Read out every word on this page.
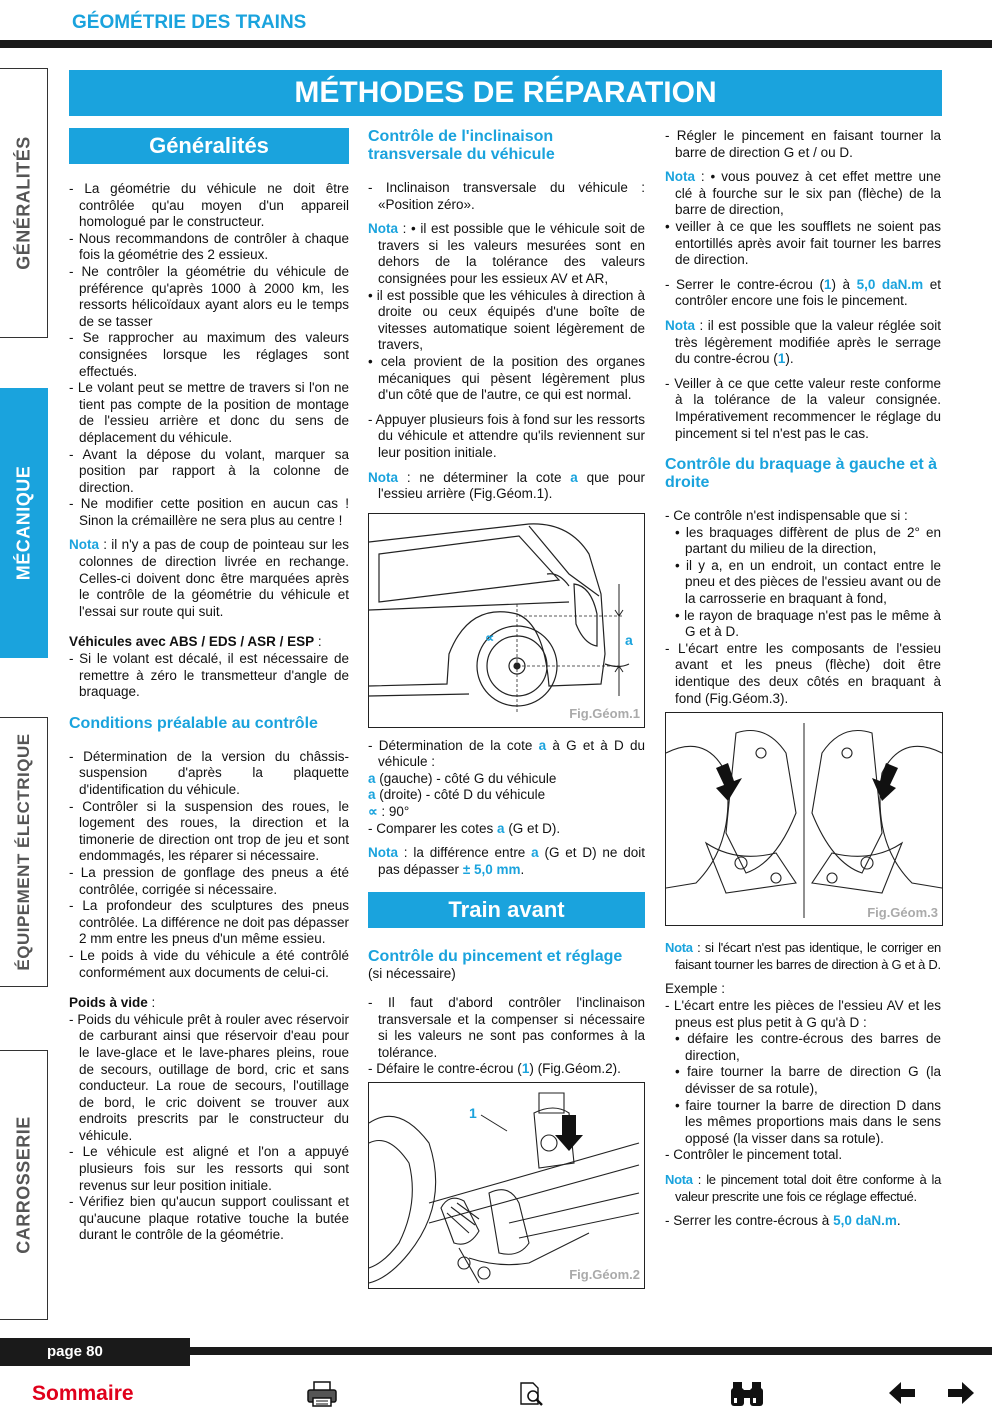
GÉOMÉTRIE DES TRAINS
GÉNÉRALITÉS
MÉCANIQUE
ÉQUIPEMENT ÉLECTRIQUE
CARROSSERIE
MÉTHODES DE RÉPARATION
Généralités

- La géométrie du véhicule ne doit être contrôlée qu'au moyen d'un appareil homologué par le constructeur.

- Nous recommandons de contrôler à chaque fois la géométrie des 2 essieux.

- Ne contrôler la géométrie du véhicule de préférence qu'après 1000 à 2000 km, les ressorts hélicoïdaux ayant alors eu le temps de se tasser

- Se rapprocher au maximum des valeurs consignées lorsque les réglages sont effectués.

- Le volant peut se mettre de travers si l'on ne tient pas compte de la position de montage de l'essieu arrière et donc du sens de déplacement du véhicule.

- Avant la dépose du volant, marquer sa position par rapport à la colonne de direction.

- Ne modifier cette position en aucun cas ! Sinon la crémaillère ne sera plus au centre !

Nota : il n'y a pas de coup de pointeau sur les colonnes de direction livrée en rechange. Celles-ci doivent donc être marquées après le contrôle de la géométrie du véhicule et l'essai sur route qui suit.

Véhicules avec ABS / EDS / ASR / ESP :

- Si le volant est décalé, il est nécessaire de remettre à zéro le transmetteur d'angle de braquage.

Conditions préalable au contrôle

- Détermination de la version du châssis-suspension d'après la plaquette d'identification du véhicule.

- Contrôler si la suspension des roues, le logement des roues, la direction et la timonerie de direction ont trop de jeu et sont endommagés, les réparer si nécessaire.

- La pression de gonflage des pneus a été contrôlée, corrigée si nécessaire.

- La profondeur des sculptures des pneus contrôlée. La différence ne doit pas dépasser 2 mm entre les pneus d'un même essieu.

- Le poids à vide du véhicule a été contrôlé conformément aux documents de celui-ci.

Poids à vide :

- Poids du véhicule prêt à rouler avec réservoir de carburant ainsi que réservoir d'eau pour le lave-glace et le lave-phares pleins, roue de secours, outillage de bord, cric et sans conducteur. La roue de secours, l'outillage de bord, le cric doivent se trouver aux endroits prescrits par le constructeur du véhicule.

- Le véhicule est aligné et l'on a appuyé plusieurs fois sur les ressorts qui sont revenus sur leur position initiale.

- Vérifiez bien qu'aucun support coulissant et qu'aucune plaque rotative touche la butée durant le contrôle de la géométrie.

Contrôle de l'inclinaison transversale du véhicule

- Inclinaison transversale du véhicule : «Position zéro».

Nota : • il est possible que le véhicule soit de travers si les valeurs mesurées sont en dehors de la tolérance des valeurs consignées pour les essieux AV et AR,

• il est possible que les véhicules à direction à droite ou ceux équipés d'une boîte de vitesses automatique soient légèrement de travers,

• cela provient de la position des organes mécaniques qui pèsent légèrement plus d'un côté que de l'autre, ce qui est normal.

- Appuyer plusieurs fois à fond sur les ressorts du véhicule et attendre qu'ils reviennent sur leur position initiale.

Nota : ne déterminer la cote a que pour l'essieu arrière (Fig.Géom.1).

a
∝
Fig.Géom.1

- Détermination de la cote a à G et à D du véhicule :

a (gauche) - côté G du véhicule

a (droite) - côté D du véhicule

∝ : 90°

- Comparer les cotes a (G et D).

Nota : la différence entre a (G et D) ne doit pas dépasser ± 5,0 mm.

Train avant
Contrôle du pincement et réglage

(si nécessaire)

- Il faut d'abord contrôler l'inclinaison transversale et la compenser si nécessaire si les valeurs ne sont pas conformes à la tolérance.

- Défaire le contre-écrou (1) (Fig.Géom.2).

1
Fig.Géom.2

- Régler le pincement en faisant tourner la barre de direction G et / ou D.

Nota : • vous pouvez à cet effet mettre une clé à fourche sur le six pan (flèche) de la barre de direction,

• veiller à ce que les soufflets ne soient pas entortillés après avoir fait tourner les barres de direction.

- Serrer le contre-écrou (1) à 5,0 daN.m et contrôler encore une fois le pincement.

Nota : il est possible que la valeur réglée soit très légèrement modifiée après le serrage du contre-écrou (1).

- Veiller à ce que cette valeur reste conforme à la tolérance de la valeur consignée. Impérativement recommencer le réglage du pincement si tel n'est pas le cas.

Contrôle du braquage à gauche et à droite

- Ce contrôle n'est indispensable que si :

• les braquages diffèrent de plus de 2° en partant du milieu de la direction,

• il y a, en un endroit, un contact entre le pneu et des pièces de l'essieu avant ou de la carrosserie en braquant à fond,

• le rayon de braquage n'est pas le même à G et à D.

- L'écart entre les composants de l'essieu avant et les pneus (flèche) doit être identique des deux côtés en braquant à fond (Fig.Géom.3).

Fig.Géom.3

Nota : si l'écart n'est pas identique, le corriger en faisant tourner les barres de direction à G et à D.

Exemple :

- L'écart entre les pièces de l'essieu AV et les pneus est plus petit à G qu'à D :

• défaire les contre-écrous des barres de direction,

• faire tourner la barre de direction G (la dévisser de sa rotule),

• faire tourner la barre de direction D dans les mêmes proportions mais dans le sens opposé (la visser dans sa rotule).

- Contrôler le pincement total.

Nota : le pincement total doit être conforme à la valeur prescrite une fois ce réglage effectué.

- Serrer les contre-écrous à 5,0 daN.m.

page 80
Sommaire
